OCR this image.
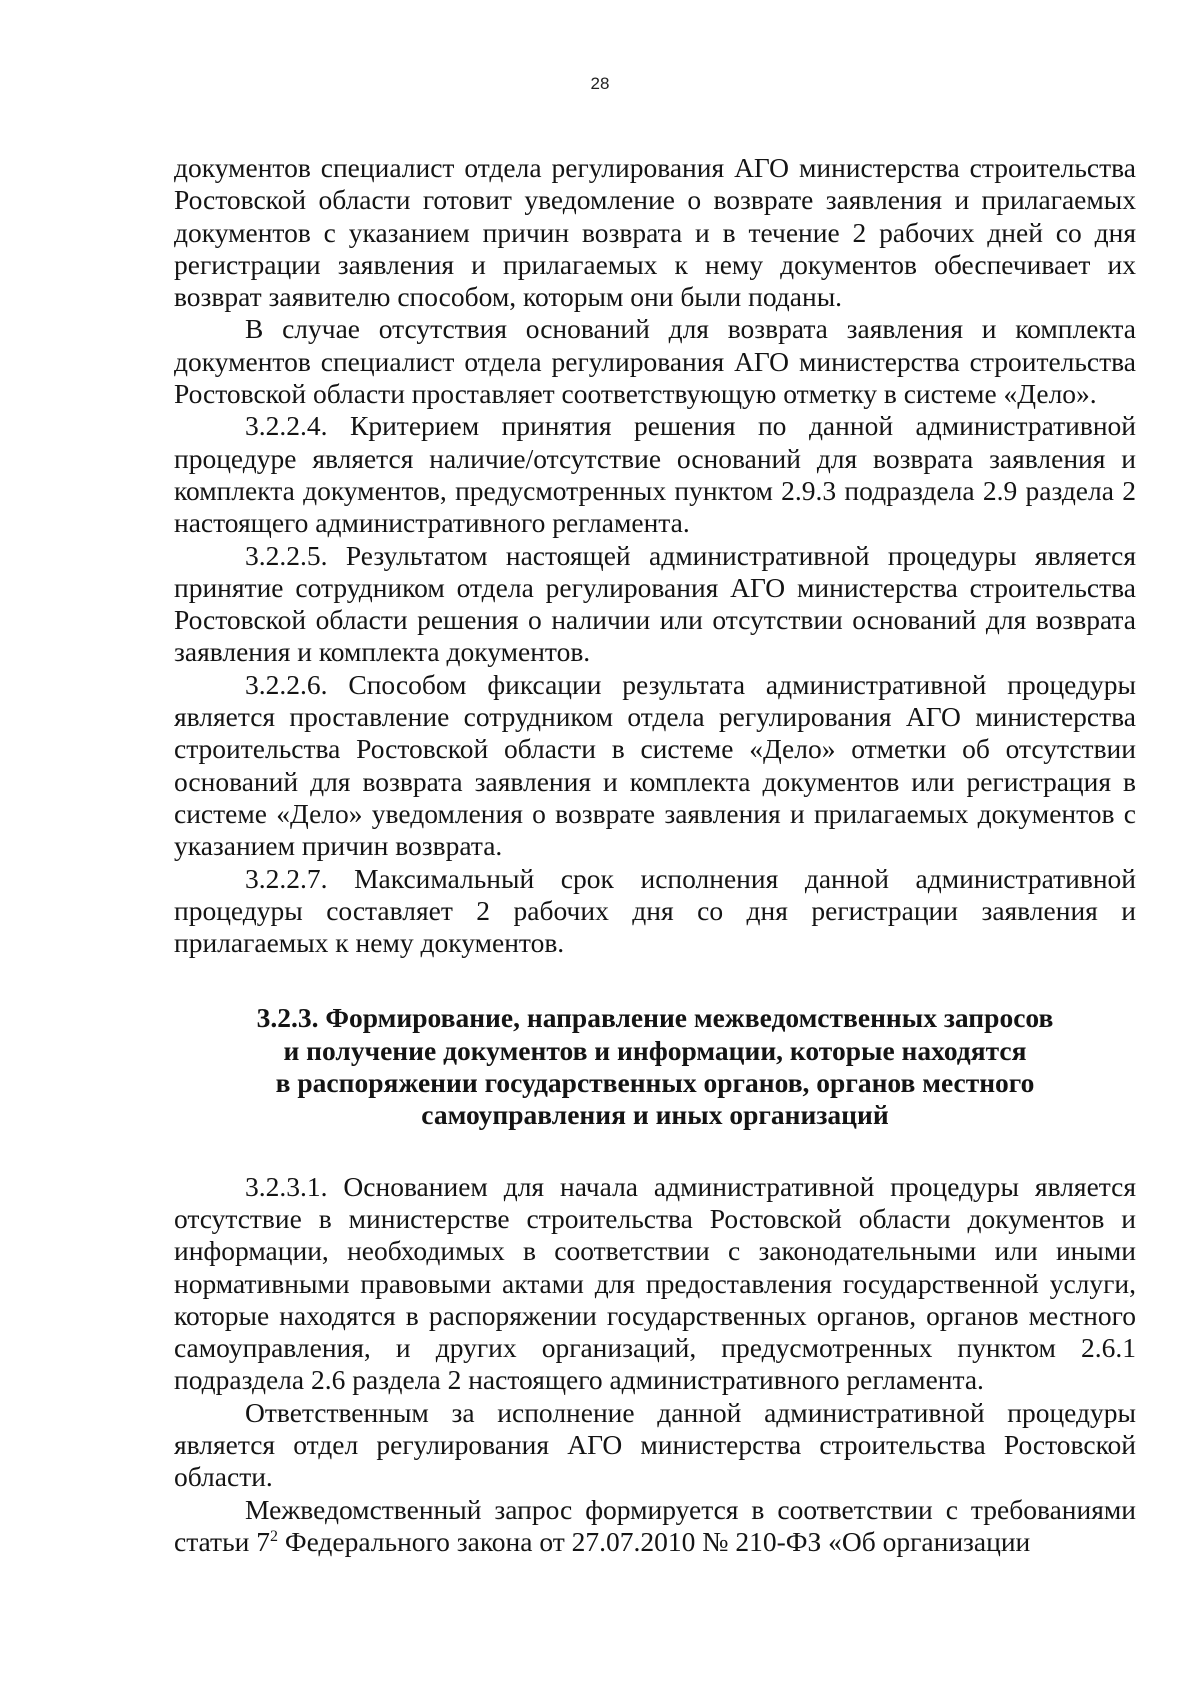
28

документов специалист отдела регулирования АГО министерства строительства Ростовской области готовит уведомление о возврате заявления и прилагаемых документов с указанием причин возврата и в течение 2 рабочих дней со дня регистрации заявления и прилагаемых к нему документов обеспечивает их возврат заявителю способом, которым они были поданы.

В случае отсутствия оснований для возврата заявления и комплекта документов специалист отдела регулирования АГО министерства строительства Ростовской области проставляет соответствующую отметку в системе «Дело».

3.2.2.4. Критерием принятия решения по данной административной процедуре является наличие/отсутствие оснований для возврата заявления и комплекта документов, предусмотренных пунктом 2.9.3 подраздела 2.9 раздела 2 настоящего административного регламента.

3.2.2.5. Результатом настоящей административной процедуры является принятие сотрудником отдела регулирования АГО министерства строительства Ростовской области решения о наличии или отсутствии оснований для возврата заявления и комплекта документов.

3.2.2.6. Способом фиксации результата административной процедуры является проставление сотрудником отдела регулирования АГО министерства строительства Ростовской области в системе «Дело» отметки об отсутствии оснований для возврата заявления и комплекта документов или регистрация в системе «Дело» уведомления о возврате заявления и прилагаемых документов с указанием причин возврата.

3.2.2.7. Максимальный срок исполнения данной административной процедуры составляет 2 рабочих дня со дня регистрации заявления и прилагаемых к нему документов.

3.2.3. Формирование, направление межведомственных запросов
и получение документов и информации, которые находятся
в распоряжении государственных органов, органов местного
самоуправления и иных организаций

3.2.3.1. Основанием для начала административной процедуры является отсутствие в министерстве строительства Ростовской области документов и информации, необходимых в соответствии с законодательными или иными нормативными правовыми актами для предоставления государственной услуги, которые находятся в распоряжении государственных органов, органов местного самоуправления, и других организаций, предусмотренных пунктом 2.6.1 подраздела 2.6 раздела 2 настоящего административного регламента.

Ответственным за исполнение данной административной процедуры является отдел регулирования АГО министерства строительства Ростовской области.

Межведомственный запрос формируется в соответствии с требованиями статьи $7^2$ Федерального закона от 27.07.2010 № 210-ФЗ «Об организации
